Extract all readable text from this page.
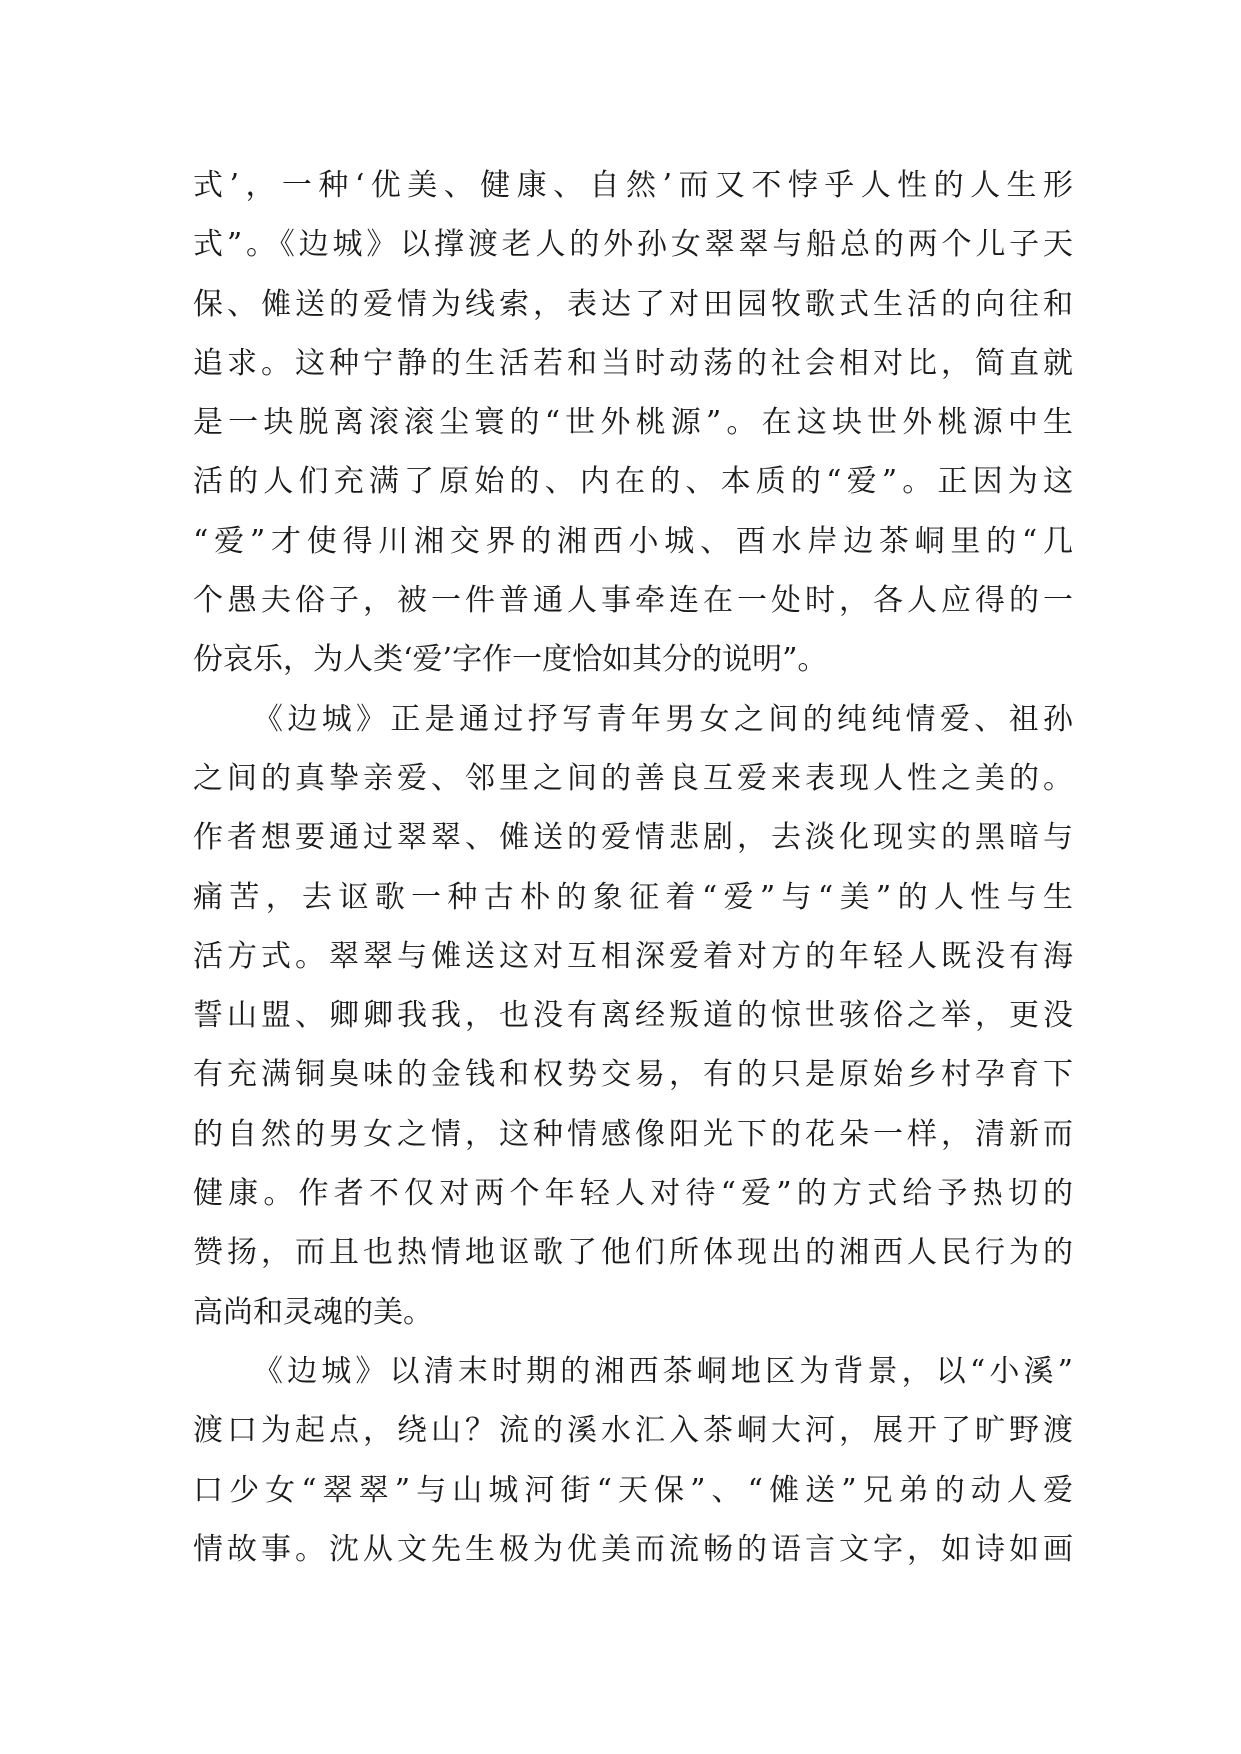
式’，一种‘优美、健康、自然’而又不悖乎人性的人生形
式”。《边城》以撑渡老人的外孙女翠翠与船总的两个儿子天
保、傩送的爱情为线索，表达了对田园牧歌式生活的向往和
追求。这种宁静的生活若和当时动荡的社会相对比，简直就
是一块脱离滚滚尘寰的“世外桃源”。在这块世外桃源中生
活的人们充满了原始的、内在的、本质的“爱”。正因为这
“爱”才使得川湘交界的湘西小城、酉水岸边茶峒里的“几
个愚夫俗子，被一件普通人事牵连在一处时，各人应得的一
份哀乐，为人类‘爱’字作一度恰如其分的说明”。
《边城》正是通过抒写青年男女之间的纯纯情爱、祖孙
之间的真挚亲爱、邻里之间的善良互爱来表现人性之美的。
作者想要通过翠翠、傩送的爱情悲剧，去淡化现实的黑暗与
痛苦，去讴歌一种古朴的象征着“爱”与“美”的人性与生
活方式。翠翠与傩送这对互相深爱着对方的年轻人既没有海
誓山盟、卿卿我我，也没有离经叛道的惊世骇俗之举，更没
有充满铜臭味的金钱和权势交易，有的只是原始乡村孕育下
的自然的男女之情，这种情感像阳光下的花朵一样，清新而
健康。作者不仅对两个年轻人对待“爱”的方式给予热切的
赞扬，而且也热情地讴歌了他们所体现出的湘西人民行为的
高尚和灵魂的美。
《边城》以清末时期的湘西茶峒地区为背景，以“小溪”
渡口为起点，绕山？流的溪水汇入茶峒大河，展开了旷野渡
口少女“翠翠”与山城河街“天保”、“傩送”兄弟的动人爱
情故事。沈从文先生极为优美而流畅的语言文字，如诗如画
